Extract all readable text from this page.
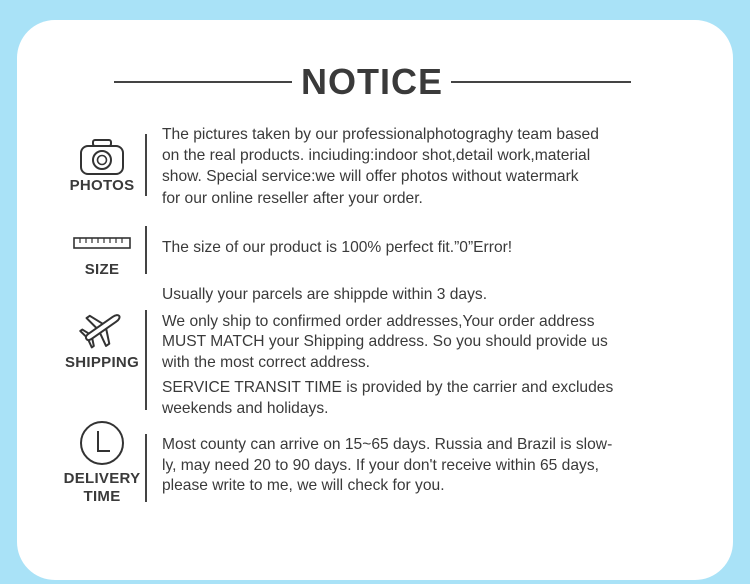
NOTICE
PHOTOS

The pictures taken by our professionalphotograghy team based

on the real products. inciuding:indoor shot,detail work,material

show. Special service:we will offer photos without watermark

for our online reseller after your order.

SIZE

The size of our product is 100% perfect fit.”0”Error!

SHIPPING

Usually your parcels are shippde within 3 days.

We only ship to confirmed order addresses,Your order address

MUST MATCH your Shipping address. So you should provide us

with the most correct address.

SERVICE TRANSIT TIME is provided by the carrier and excludes

weekends and holidays.

DELIVERY
TIME

Most county can arrive on 15~65 days. Russia and Brazil is slow-

ly, may need 20 to 90 days. If your don't receive within 65 days,

please write to me, we will check for you.
